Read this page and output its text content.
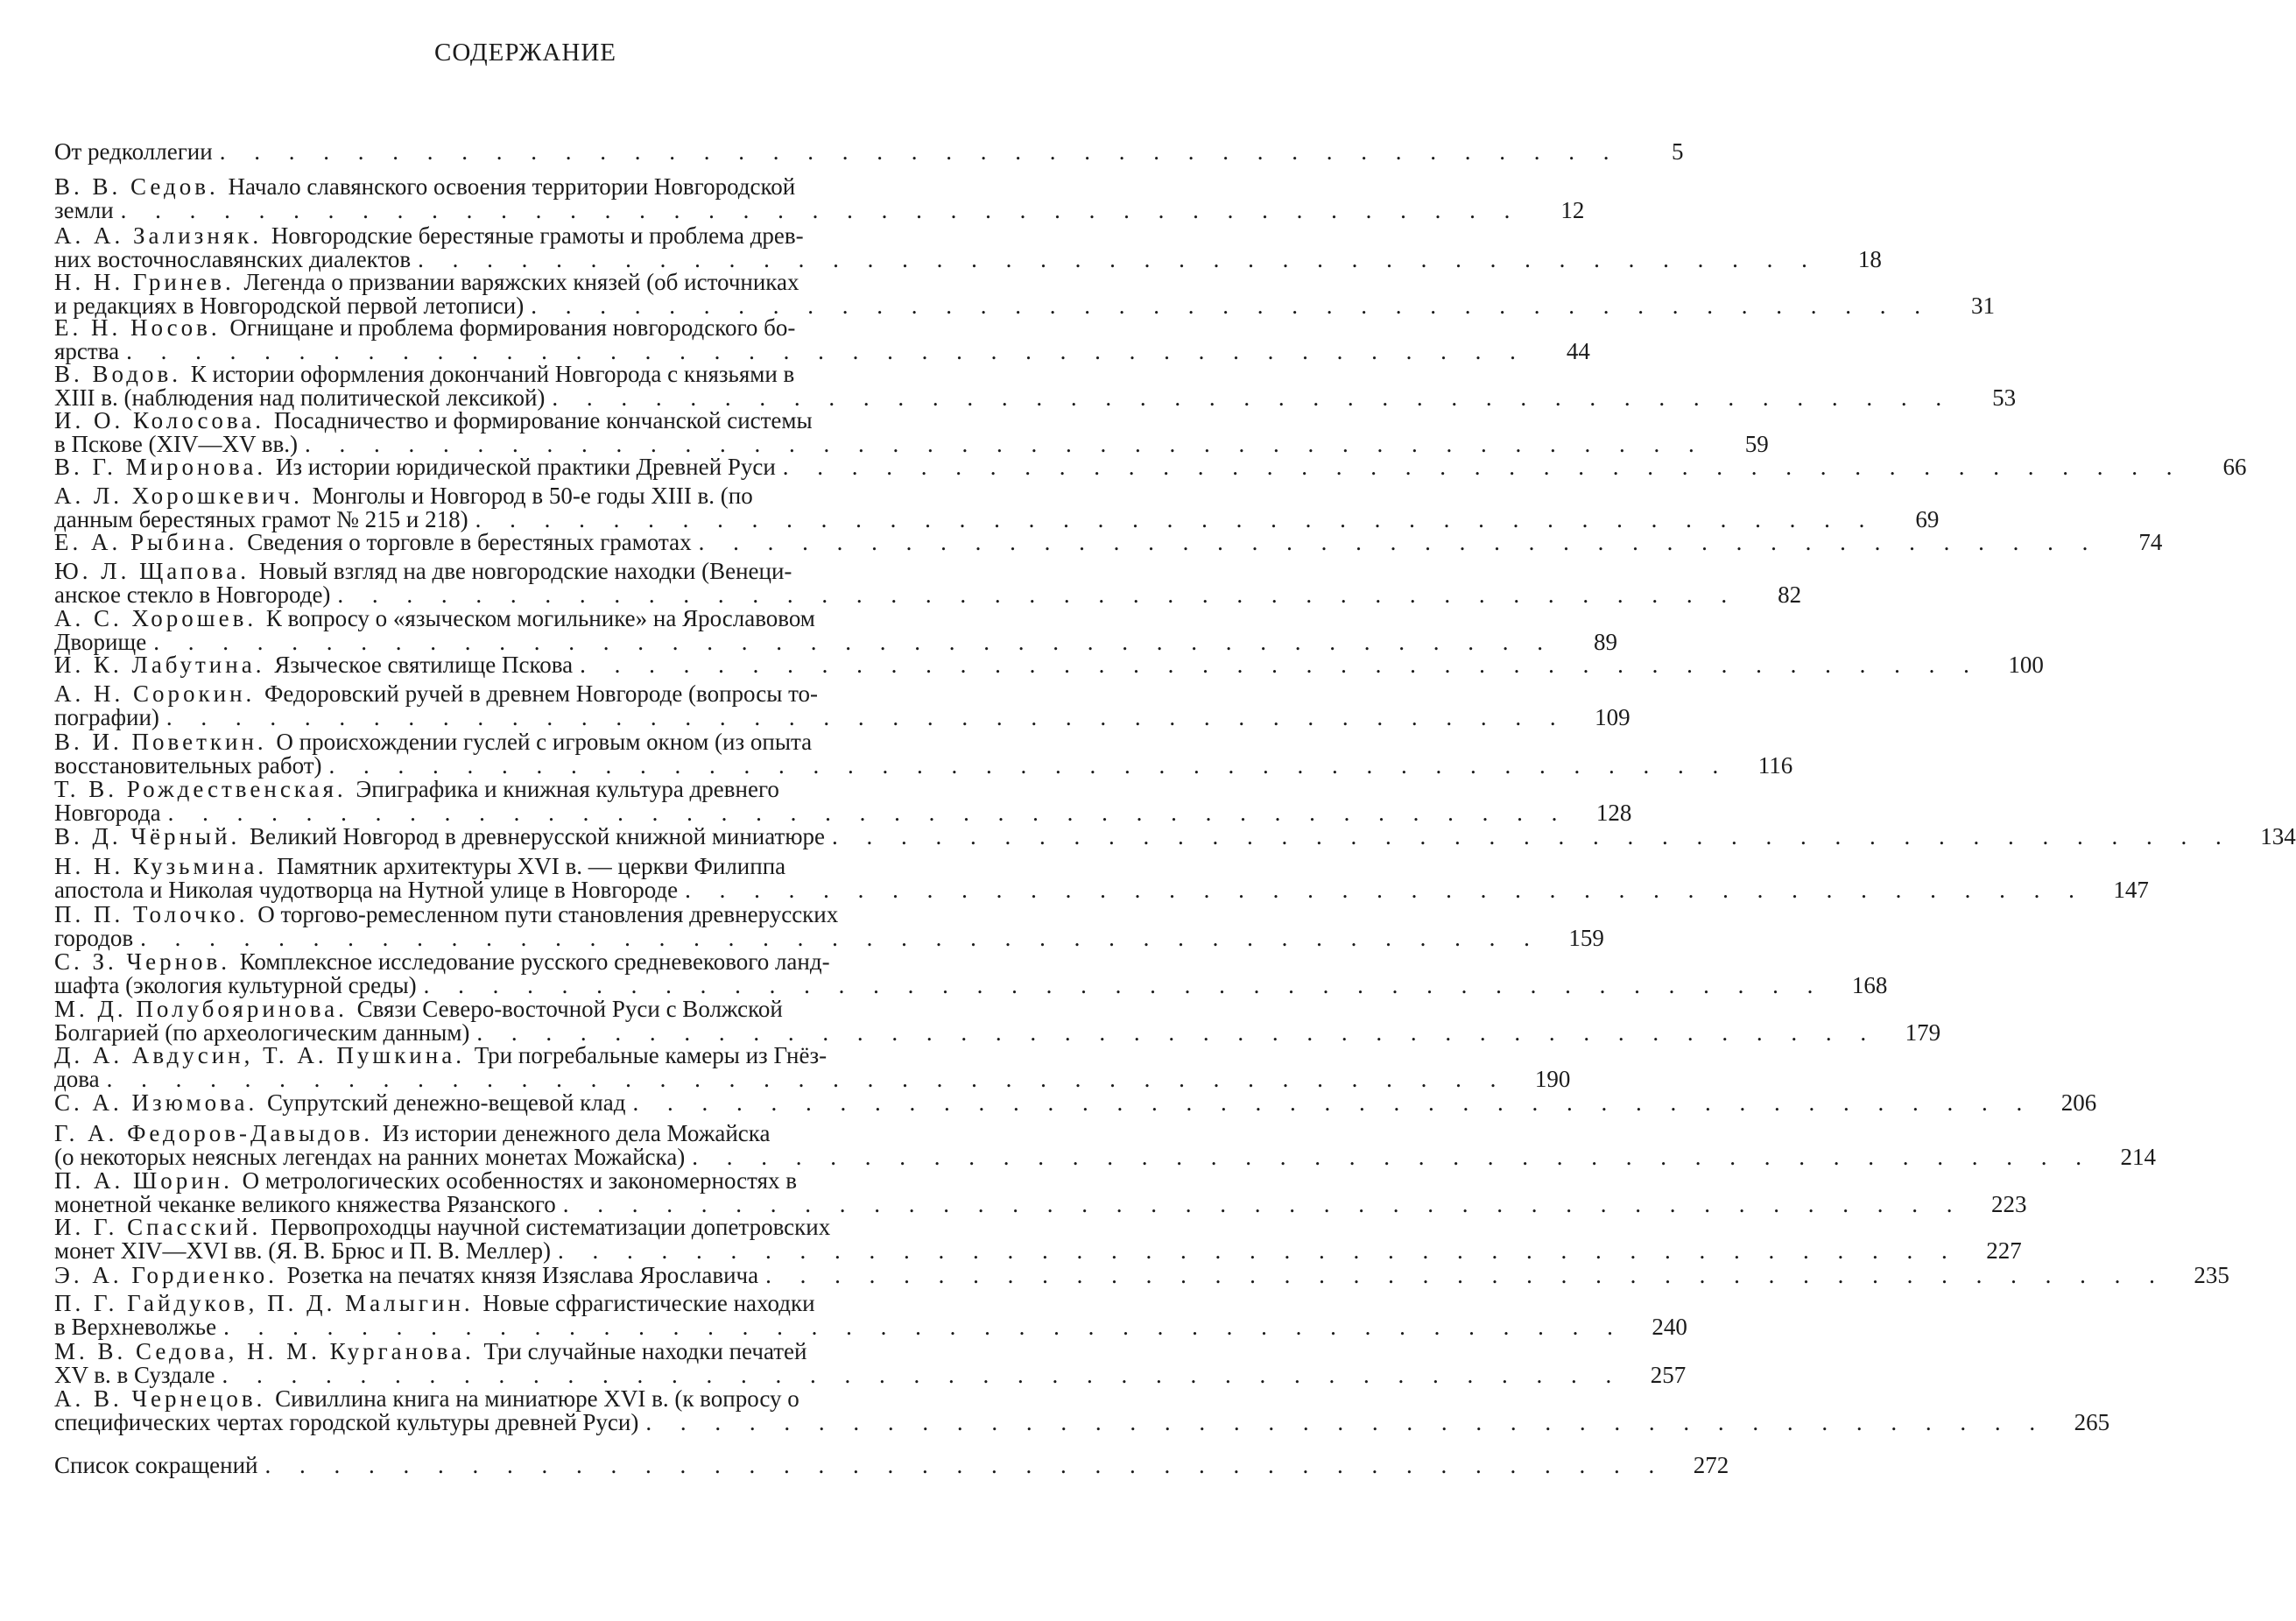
СОДЕРЖАНИЕ
От редколлегии . . .	5
В. В. Седов. Начало славянского освоения территории Новгородской
земли . . .	12
А. А. Зализняк. Новгородские берестяные грамоты и проблема древ-
них восточнославянских диалектов . . .	18
Н. Н. Гринев. Легенда о призвании варяжских князей (об источниках
и редакциях в Новгородской первой летописи) . . .	31
Е. Н. Носов. Огнищане и проблема формирования новгородского бо-
ярства . . .	44
В. Водов. К истории оформления докончаний Новгорода с князьями в
XIII в. (наблюдения над политической лексикой) . . .	53
И. О. Колосова. Посадничество и формирование кончанской системы
в Пскове (XIV—XV вв.) . . .	59
В. Г. Миронова. Из истории юридической практики Древней Руси . . .	66
А. Л. Хорошкевич. Монголы и Новгород в 50-е годы XIII в. (по
данным берестяных грамот № 215 и 218) . . .	69
Е. А. Рыбина. Сведения о торговле в берестяных грамотах . . .	74
Ю. Л. Щапова. Новый взгляд на две новгородские находки (Венеци-
анское стекло в Новгороде) . . .	82
А. С. Хорошев. К вопросу о «языческом могильнике» на Ярославовом
Дворище . . .	89
И. К. Лабутина. Языческое святилище Пскова . . .	100
А. Н. Сорокин. Федоровский ручей в древнем Новгороде (вопросы то-
пографии) . . .	109
В. И. Поветкин. О происхождении гуслей с игровым окном (из опыта
восстановительных работ) . . .	116
Т. В. Рождественская. Эпиграфика и книжная культура древнего
Новгорода . . .	128
В. Д. Чёрный. Великий Новгород в древнерусской книжной миниатюре . . .	134
Н. Н. Кузьмина. Памятник архитектуры XVI в. — церкви Филиппа
апостола и Николая чудотворца на Нутной улице в Новгороде . . .	147
П. П. Толочко. О торгово-ремесленном пути становления древнерусских
городов . . .	159
С. З. Чернов. Комплексное исследование русского средневекового ланд-
шафта (экология культурной среды) . . .	168
М. Д. Полубояринова. Связи Северо-восточной Руси с Волжской
Болгарией (по археологическим данным) . . .	179
Д. А. Авдусин, Т. А. Пушкина. Три погребальные камеры из Гнёз-
дова . . .	190
С. А. Изюмова. Супрутский денежно-вещевой клад . . .	206
Г. А. Федоров-Давыдов. Из истории денежного дела Можайска
(о некоторых неясных легендах на ранних монетах Можайска) . . .	214
П. А. Шорин. О метрологических особенностях и закономерностях в
монетной чеканке великого княжества Рязанского . . .	223
И. Г. Спасский. Первопроходцы научной систематизации допетровских
монет XIV—XVI вв. (Я. В. Брюс и П. В. Меллер) . . .	227
Э. А. Гордиенко. Розетка на печатях князя Изяслава Ярославича . . .	235
П. Г. Гайдуков, П. Д. Малыгин. Новые сфрагистические находки
в Верхневолжье . . .	240
М. В. Седова, Н. М. Курганова. Три случайные находки печатей
XV в. в Суздале . . .	257
А. В. Чернецов. Сивиллина книга на миниатюре XVI в. (к вопросу о
специфических чертах городской культуры древней Руси) . . .	265
Список сокращений . . .	272
